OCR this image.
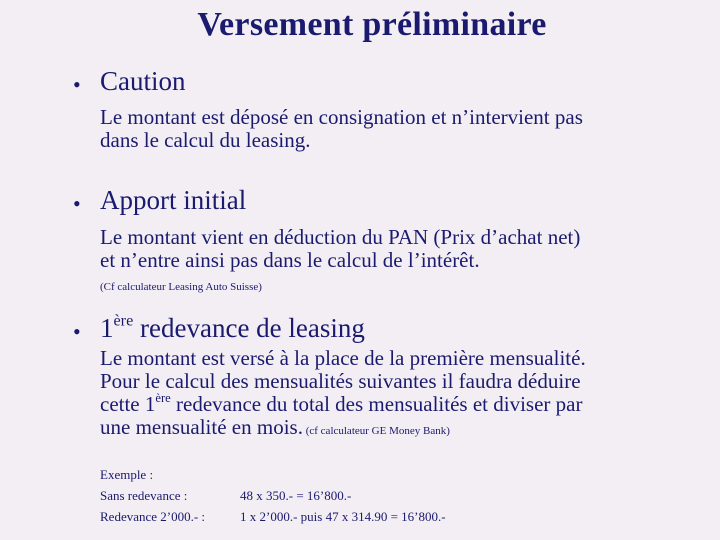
Versement préliminaire
• Caution
Le montant est déposé en consignation et n’intervient pas
dans le calcul du leasing.
• Apport initial
Le montant vient en déduction du PAN (Prix d’achat net)
et n’entre ainsi pas dans le calcul de l’intérêt.
(Cf calculateur Leasing Auto Suisse)
• 1ère redevance de leasing
Le montant est versé à la place de la première mensualité.
Pour le calcul des mensualités suivantes il faudra déduire
cette 1ère redevance du total des mensualités et diviser par
une mensualité en mois. (cf calculateur GE Money Bank)
Exemple :
Sans redevance :	48 x 350.- = 16’800.-
Redevance 2’000.- :	1 x 2’000.- puis 47 x 314.90 = 16’800.-
